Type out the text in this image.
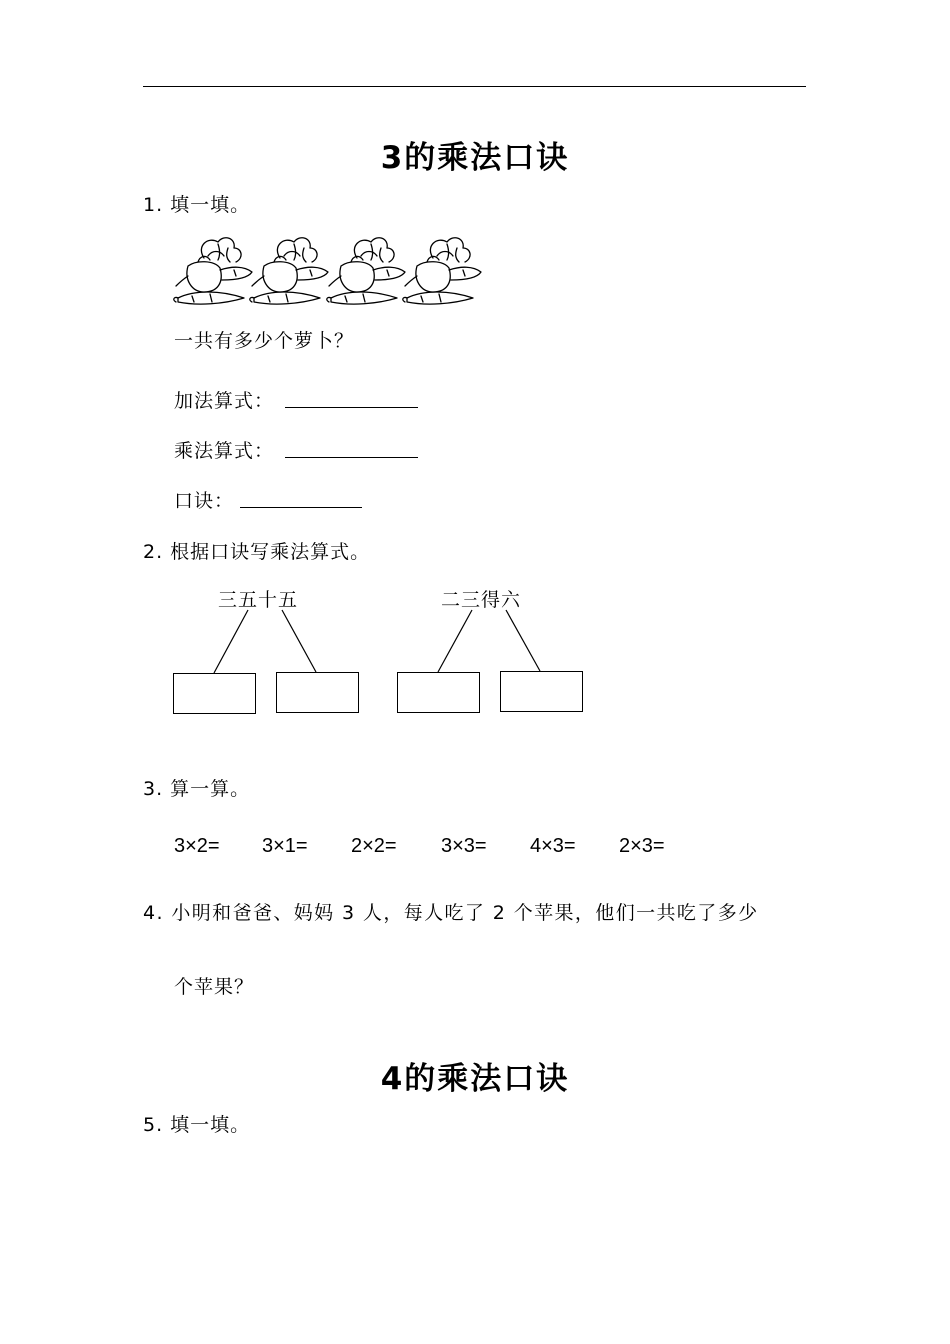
3的乘法口诀
1. 填一填。
一共有多少个萝卜？
加法算式：
乘法算式：
口诀：
2. 根据口诀写乘法算式。
三五十五	二三得六
3. 算一算。
3×2= 3×1= 2×2= 3×3= 4×3= 2×3=
4. 小明和爸爸、妈妈 3 人，每人吃了 2 个苹果，他们一共吃了多少
个苹果？
4的乘法口诀
5. 填一填。
